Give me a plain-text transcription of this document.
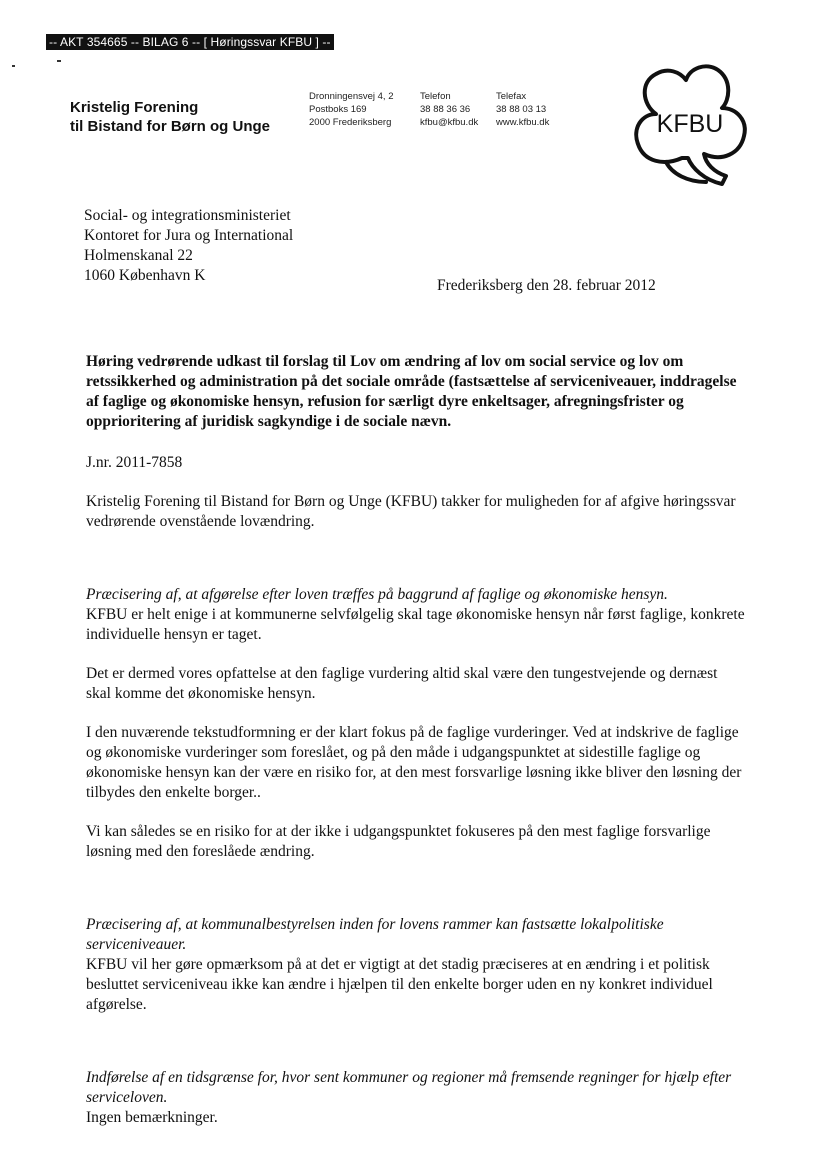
-- AKT 354665 -- BILAG 6 -- [ Høringssvar KFBU ] --
Kristelig Forening
til Bistand for Børn og Unge
Dronningensvej 4, 2
Postboks 169
2000 Frederiksberg
Telefon
38 88 36 36
kfbu@kfbu.dk
Telefax
38 88 03 13
www.kfbu.dk	KFBU
Social- og integrationsministeriet
Kontoret for Jura og International
Holmenskanal 22
1060 København K
Frederiksberg den 28. februar 2012
Høring vedrørende udkast til forslag til Lov om ændring af lov om social service og lov om retssikkerhed og administration på det sociale område (fastsættelse af serviceniveauer, inddragelse af faglige og økonomiske hensyn, refusion for særligt dyre enkeltsager, afregningsfrister og opprioritering af juridisk sagkyndige i de sociale nævn.
J.nr. 2011-7858

Kristelig Forening til Bistand for Børn og Unge (KFBU) takker for muligheden for af afgive høringssvar vedrørende ovenstående lovændring.

Præcisering af, at afgørelse efter loven træffes på baggrund af faglige og økonomiske hensyn.

KFBU er helt enige i at kommunerne selvfølgelig skal tage økonomiske hensyn når først faglige, konkrete individuelle hensyn er taget.

Det er dermed vores opfattelse at den faglige vurdering altid skal være den tungestvejende og dernæst skal komme det økonomiske hensyn.

I den nuværende tekstudformning er der klart fokus på de faglige vurderinger. Ved at indskrive de faglige og økonomiske vurderinger som foreslået, og på den måde i udgangspunktet at sidestille faglige og økonomiske hensyn kan der være en risiko for, at den mest forsvarlige løsning ikke bliver den løsning der tilbydes den enkelte borger..

Vi kan således se en risiko for at der ikke i udgangspunktet fokuseres på den mest faglige forsvarlige løsning med den foreslåede ændring.

Præcisering af, at kommunalbestyrelsen inden for lovens rammer kan fastsætte lokalpolitiske serviceniveauer.

KFBU vil her gøre opmærksom på at det er vigtigt at det stadig præciseres at en ændring i et politisk besluttet serviceniveau ikke kan ændre i hjælpen til den enkelte borger uden en ny konkret individuel afgørelse.

Indførelse af en tidsgrænse for, hvor sent kommuner og regioner må fremsende regninger for hjælp efter serviceloven.

Ingen bemærkninger.
